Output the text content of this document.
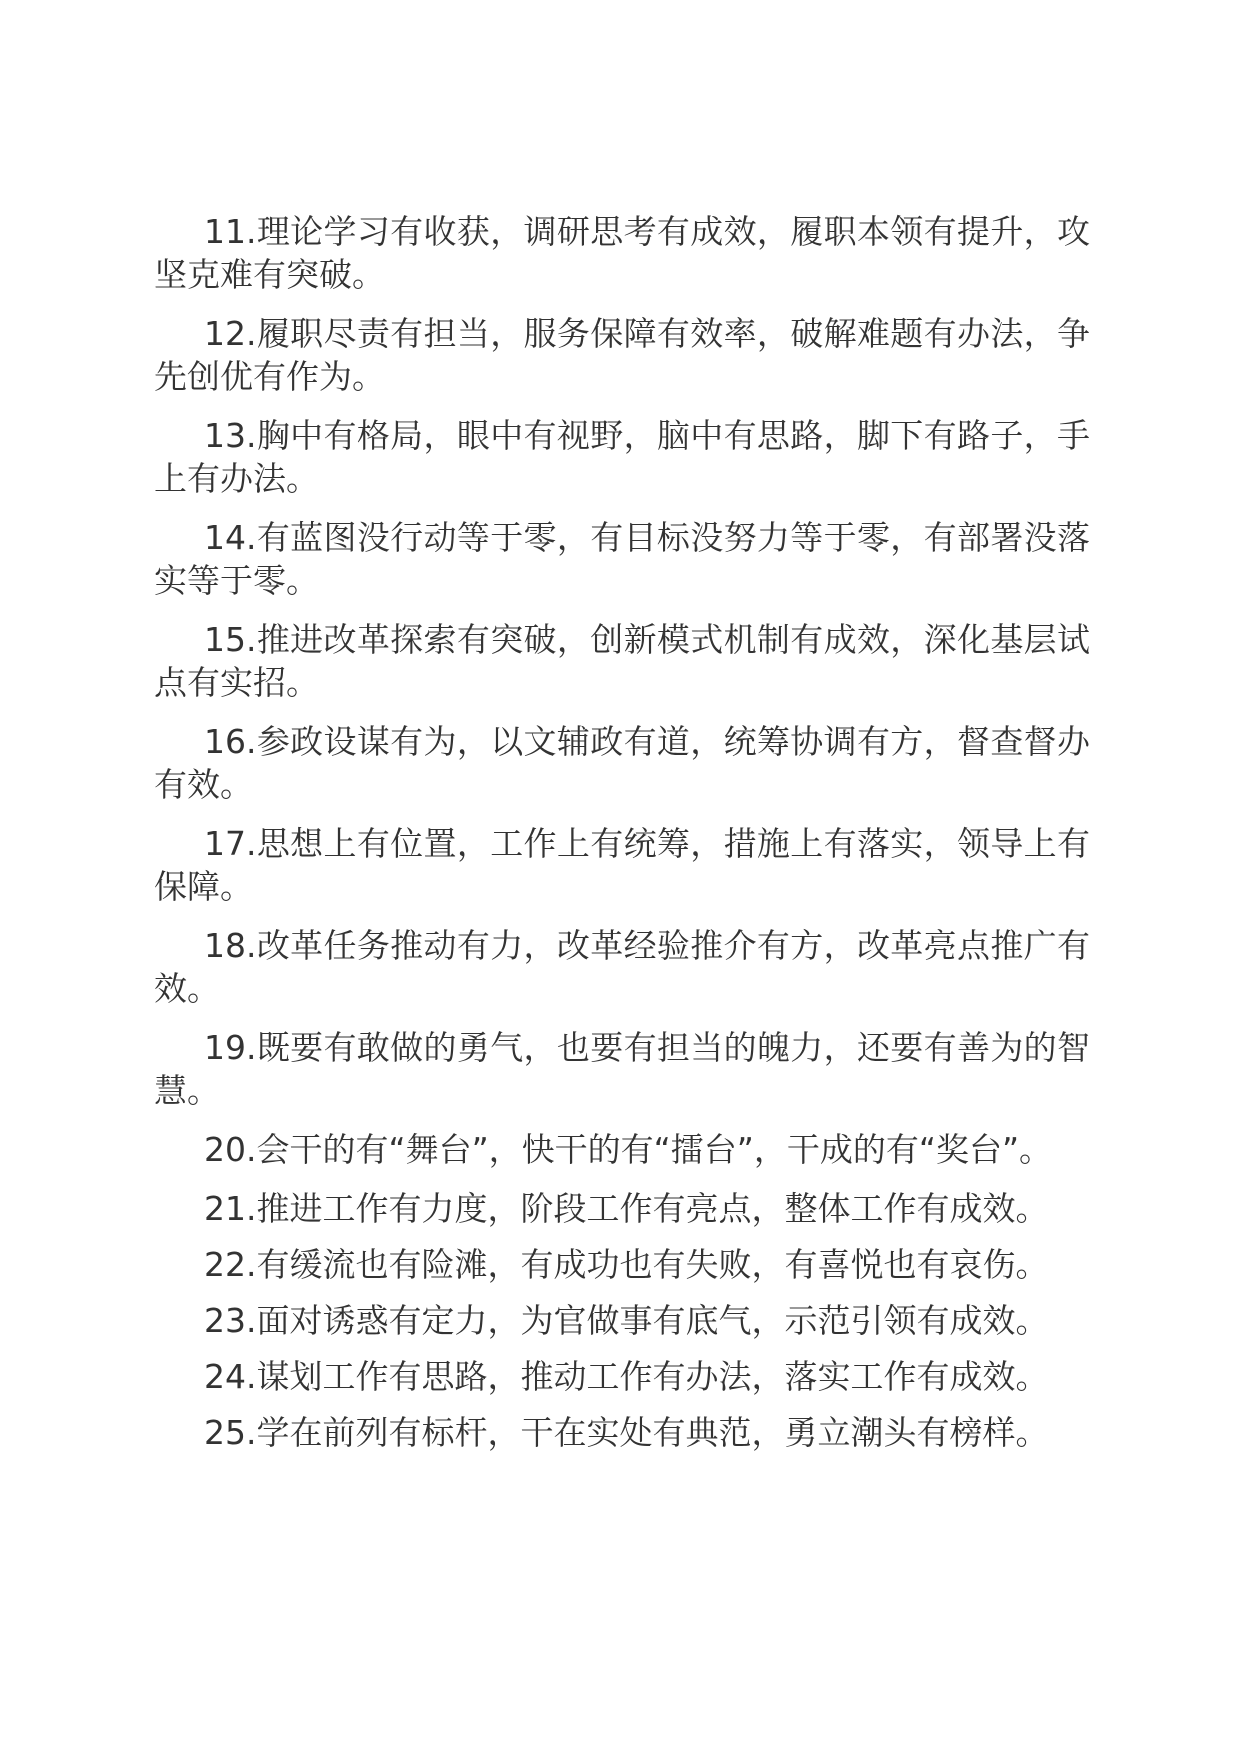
11.理论学习有收获，调研思考有成效，履职本领有提升，攻坚克难有突破。

12.履职尽责有担当，服务保障有效率，破解难题有办法，争先创优有作为。

13.胸中有格局，眼中有视野，脑中有思路，脚下有路子，手上有办法。

14.有蓝图没行动等于零，有目标没努力等于零，有部署没落实等于零。

15.推进改革探索有突破，创新模式机制有成效，深化基层试点有实招。

16.参政设谋有为，以文辅政有道，统筹协调有方，督查督办有效。

17.思想上有位置，工作上有统筹，措施上有落实，领导上有保障。

18.改革任务推动有力，改革经验推介有方，改革亮点推广有效。

19.既要有敢做的勇气，也要有担当的魄力，还要有善为的智慧。

20.会干的有“舞台”，快干的有“擂台”，干成的有“奖台”。

21.推进工作有力度，阶段工作有亮点，整体工作有成效。

22.有缓流也有险滩，有成功也有失败，有喜悦也有哀伤。

23.面对诱惑有定力，为官做事有底气，示范引领有成效。

24.谋划工作有思路，推动工作有办法，落实工作有成效。

25.学在前列有标杆，干在实处有典范，勇立潮头有榜样。
